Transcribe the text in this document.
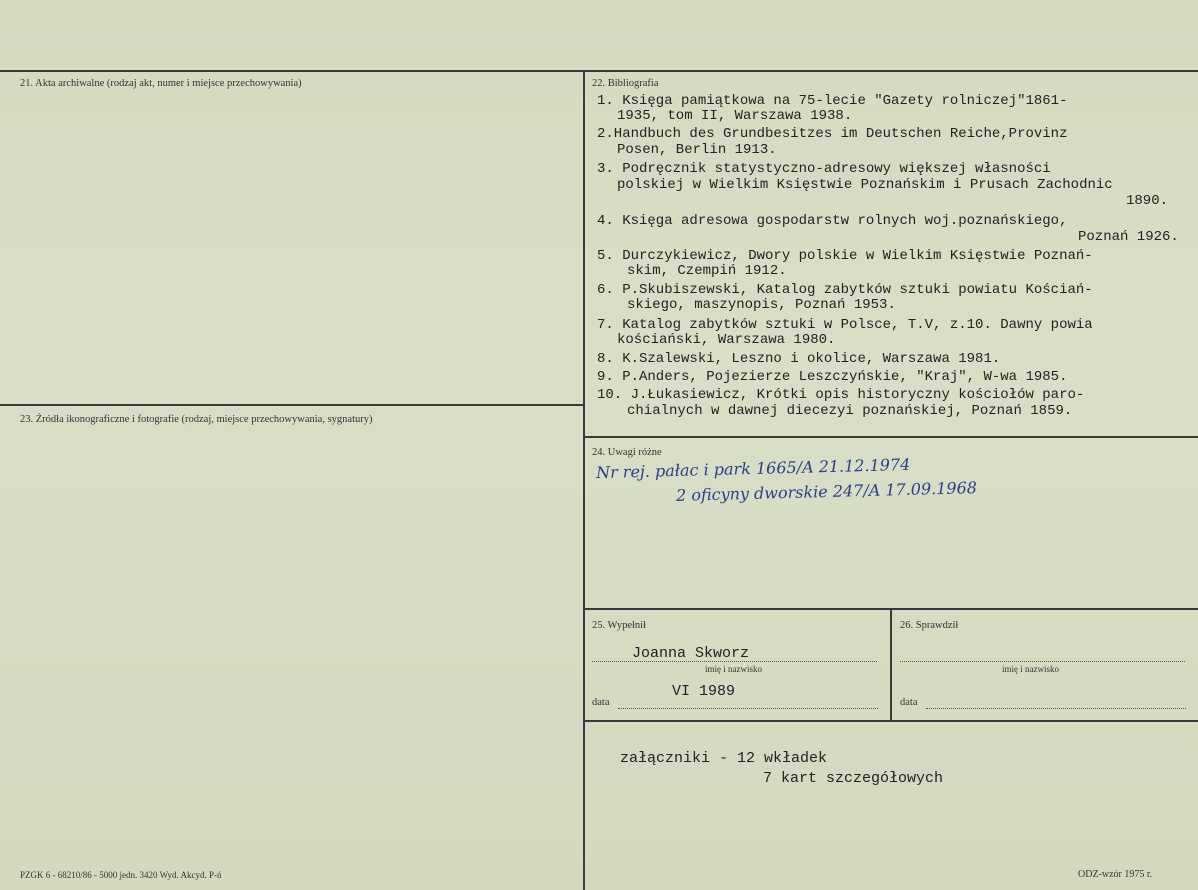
21. Akta archiwalne (rodzaj akt, numer i miejsce przechowywania)	22. Bibliografia
1. Księga pamiątkowa na 75-lecie "Gazety rolniczej"1861-
1935, tom II, Warszawa 1938.
2.Handbuch des Grundbesitzes im Deutschen Reiche,Provinz
Posen, Berlin 1913.
3. Podręcznik statystyczno-adresowy większej własności
polskiej w Wielkim Księstwie Poznańskim i Prusach Zachodnic
1890.
4. Księga adresowa gospodarstw rolnych woj.poznańskiego,
Poznań 1926.
5. Durczykiewicz, Dwory polskie w Wielkim Księstwie Poznań-
skim, Czempiń 1912.
6. P.Skubiszewski, Katalog zabytków sztuki powiatu Kościań-
skiego, maszynopis, Poznań 1953.
7. Katalog zabytków sztuki w Polsce, T.V, z.10. Dawny powia
kościański, Warszawa 1980.
8. K.Szalewski, Leszno i okolice, Warszawa 1981.
9. P.Anders, Pojezierze Leszczyńskie, "Kraj", W-wa 1985.
10. J.Łukasiewicz, Krótki opis historyczny kościołów paro-
chialnych w dawnej diecezyi poznańskiej, Poznań 1859.
23. Źródła ikonograficzne i fotografie (rodzaj, miejsce przechowywania, sygnatury)
24. Uwagi różne
Nr rej. pałac i park 1665/A 21.12.1974
2 oficyny dworskie 247/A 17.09.1968
25. Wypełnił
Joanna Skworz
imię i nazwisko
VI 1989
data
26. Sprawdził
imię i nazwisko
data
załączniki - 12 wkładek
7 kart szczegółowych
PZGK 6 - 68210/86 - 5000 jedn. 3420 Wyd. Akcyd. P-ń	ODZ-wzór 1975 r.
